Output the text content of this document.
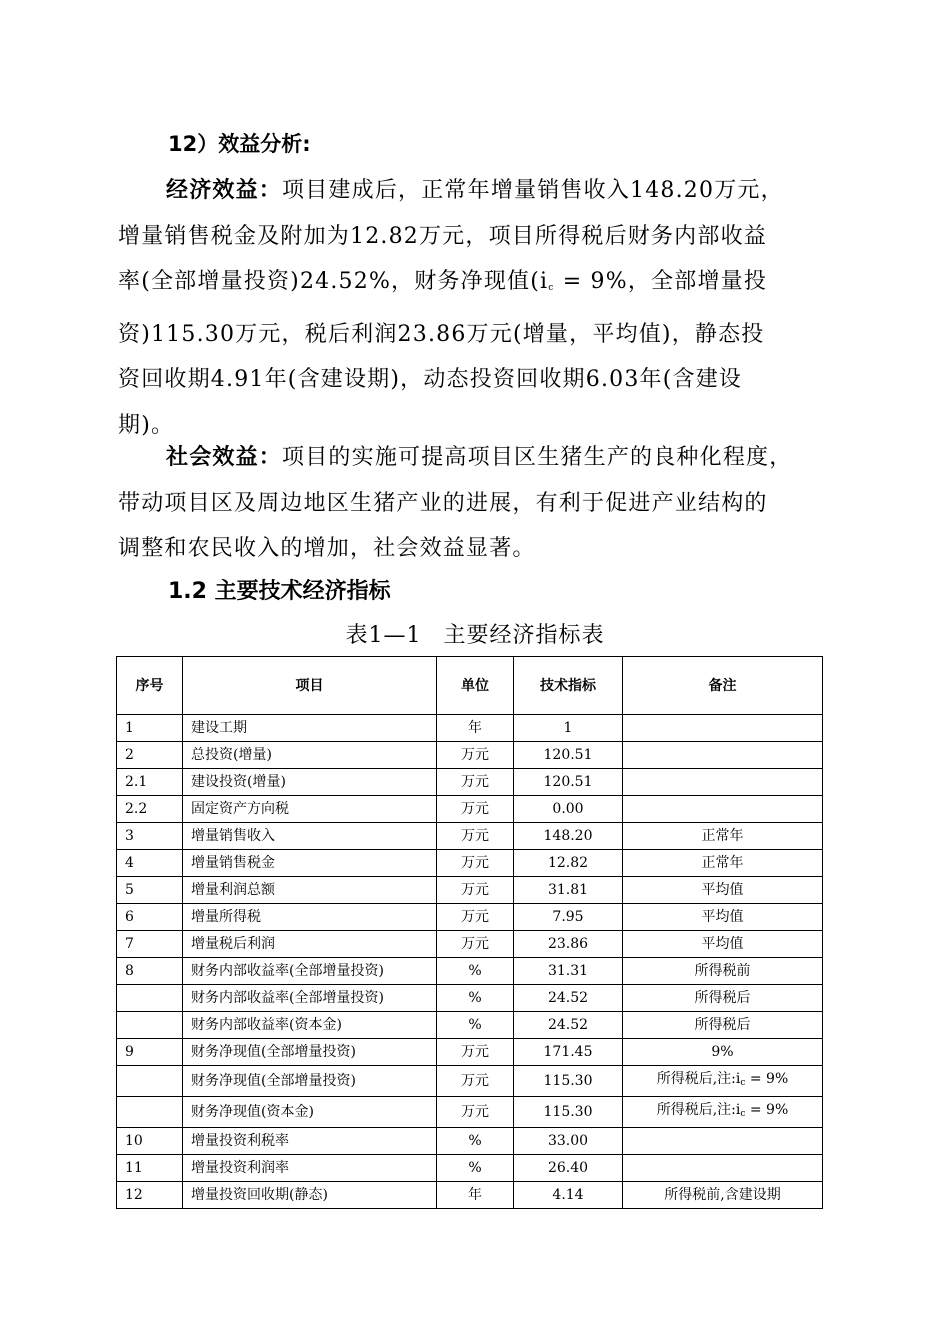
12）效益分析:
经济效益：项目建成后，正常年增量销售收入148.20万元，
增量销售税金及附加为12.82万元，项目所得税后财务内部收益
率(全部增量投资)24.52%，财务净现值($i_c = 9\%$，全部增量投
资)115.30万元，税后利润23.86万元(增量，平均值)，静态投
资回收期4.91年(含建设期)，动态投资回收期6.03年(含建设
期)。
社会效益：项目的实施可提高项目区生猪生产的良种化程度，
带动项目区及周边地区生猪产业的进展，有利于促进产业结构的
调整和农民收入的增加，社会效益显著。
1.2 主要技术经济指标
表1—1 主要经济指标表
序号	项目	单位	技术指标	备注
1	建设工期	年	1	
2	总投资(增量)	万元	120.51	
2.1	建设投资(增量)	万元	120.51	
2.2	固定资产方向税	万元	0.00	
3	增量销售收入	万元	148.20	正常年
4	增量销售税金	万元	12.82	正常年
5	增量利润总额	万元	31.81	平均值
6	增量所得税	万元	7.95	平均值
7	增量税后利润	万元	23.86	平均值
8	财务内部收益率(全部增量投资)	%	31.31	所得税前
	财务内部收益率(全部增量投资)	%	24.52	所得税后
	财务内部收益率(资本金)	%	24.52	所得税后
9	财务净现值(全部增量投资)	万元	171.45	9%
	财务净现值(全部增量投资)	万元	115.30	所得税后,注$:i_c = 9\%$
	财务净现值(资本金)	万元	115.30	所得税后,注$:i_c = 9\%$
10	增量投资利税率	%	33.00	
11	增量投资利润率	%	26.40	
12	增量投资回收期(静态)	年	4.14	所得税前,含建设期
